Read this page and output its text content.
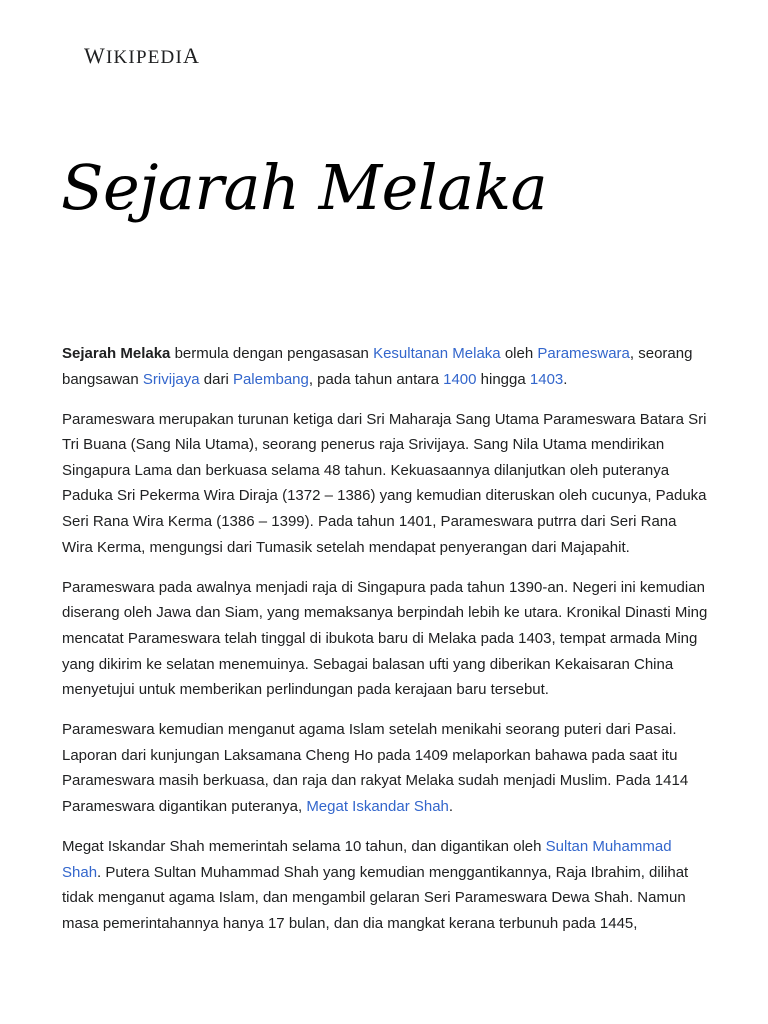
WIKIPEDIA
Sejarah Melaka

Sejarah Melaka bermula dengan pengasasan Kesultanan Melaka oleh Parameswara, seorang bangsawan Srivijaya dari Palembang, pada tahun antara 1400 hingga 1403.

Parameswara merupakan turunan ketiga dari Sri Maharaja Sang Utama Parameswara Batara Sri Tri Buana (Sang Nila Utama), seorang penerus raja Srivijaya. Sang Nila Utama mendirikan Singapura Lama dan berkuasa selama 48 tahun. Kekuasaannya dilanjutkan oleh puteranya Paduka Sri Pekerma Wira Diraja (1372 – 1386) yang kemudian diteruskan oleh cucunya, Paduka Seri Rana Wira Kerma (1386 – 1399). Pada tahun 1401, Parameswara putrra dari Seri Rana Wira Kerma, mengungsi dari Tumasik setelah mendapat penyerangan dari Majapahit.

Parameswara pada awalnya menjadi raja di Singapura pada tahun 1390-an. Negeri ini kemudian diserang oleh Jawa dan Siam, yang memaksanya berpindah lebih ke utara. Kronikal Dinasti Ming mencatat Parameswara telah tinggal di ibukota baru di Melaka pada 1403, tempat armada Ming yang dikirim ke selatan menemuinya. Sebagai balasan ufti yang diberikan Kekaisaran China menyetujui untuk memberikan perlindungan pada kerajaan baru tersebut.

Parameswara kemudian menganut agama Islam setelah menikahi seorang puteri dari Pasai. Laporan dari kunjungan Laksamana Cheng Ho pada 1409 melaporkan bahawa pada saat itu Parameswara masih berkuasa, dan raja dan rakyat Melaka sudah menjadi Muslim. Pada 1414 Parameswara digantikan puteranya, Megat Iskandar Shah.

Megat Iskandar Shah memerintah selama 10 tahun, dan digantikan oleh Sultan Muhammad Shah. Putera Sultan Muhammad Shah yang kemudian menggantikannya, Raja Ibrahim, dilihat tidak menganut agama Islam, dan mengambil gelaran Seri Parameswara Dewa Shah. Namun masa pemerintahannya hanya 17 bulan, dan dia mangkat kerana terbunuh pada 1445,
